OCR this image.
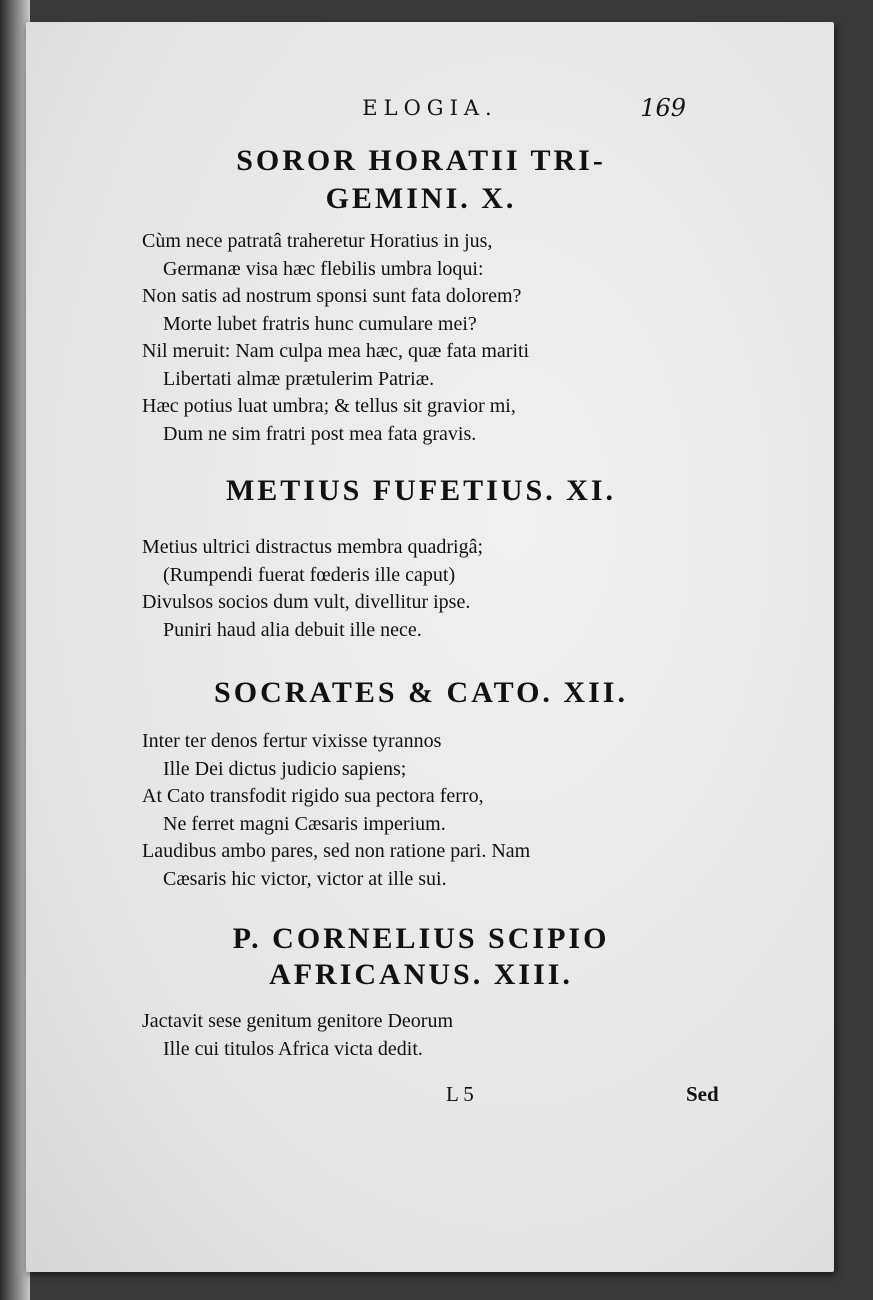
ELOGIA.	169
SOROR HORATII TRI-
GEMINI. X.
Cùm nece patratâ traheretur Horatius in jus,
Germanæ visa hæc flebilis umbra loqui:
Non satis ad nostrum sponsi sunt fata dolorem?
Morte lubet fratris hunc cumulare mei?
Nil meruit: Nam culpa mea hæc, quæ fata mariti
Libertati almæ prætulerim Patriæ.
Hæc potius luat umbra; & tellus sit gravior mi,
Dum ne sim fratri post mea fata gravis.
METIUS FUFETIUS. XI.
Metius ultrici distractus membra quadrigâ;
(Rumpendi fuerat fœderis ille caput)
Divulsos socios dum vult, divellitur ipse.
Puniri haud alia debuit ille nece.
SOCRATES & CATO. XII.
Inter ter denos fertur vixisse tyrannos
Ille Dei dictus judicio sapiens;
At Cato transfodit rigido sua pectora ferro,
Ne ferret magni Cæsaris imperium.
Laudibus ambo pares, sed non ratione pari. Nam
Cæsaris hic victor, victor at ille sui.
P. CORNELIUS SCIPIO
AFRICANUS. XIII.
Jactavit sese genitum genitore Deorum
Ille cui titulos Africa victa dedit.
L 5	Sed
